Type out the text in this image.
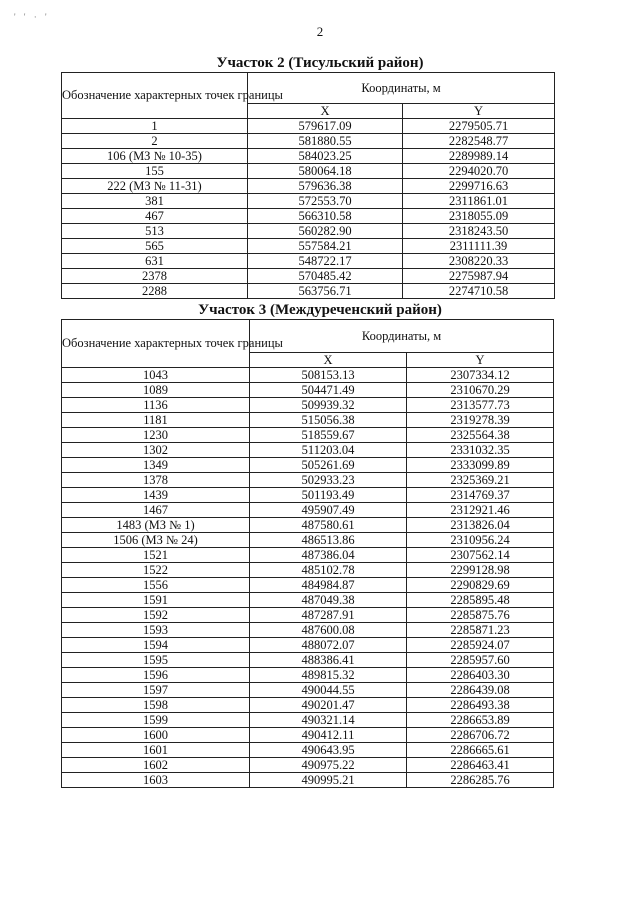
' ' · '
2
Участок 2 (Тисульский район)
Обозначение характерных точек границы	Координаты, м	
	X	Y
1	579617.09	2279505.71
2	581880.55	2282548.77
106 (МЗ № 10-35)	584023.25	2289989.14
155	580064.18	2294020.70
222 (МЗ № 11-31)	579636.38	2299716.63
381	572553.70	2311861.01
467	566310.58	2318055.09
513	560282.90	2318243.50
565	557584.21	2311111.39
631	548722.17	2308220.33
2378	570485.42	2275987.94
2288	563756.71	2274710.58
Участок 3 (Междуреченский район)
Обозначение характерных точек границы	Координаты, м	
	X	Y
1043	508153.13	2307334.12
1089	504471.49	2310670.29
1136	509939.32	2313577.73
1181	515056.38	2319278.39
1230	518559.67	2325564.38
1302	511203.04	2331032.35
1349	505261.69	2333099.89
1378	502933.23	2325369.21
1439	501193.49	2314769.37
1467	495907.49	2312921.46
1483 (МЗ № 1)	487580.61	2313826.04
1506 (МЗ № 24)	486513.86	2310956.24
1521	487386.04	2307562.14
1522	485102.78	2299128.98
1556	484984.87	2290829.69
1591	487049.38	2285895.48
1592	487287.91	2285875.76
1593	487600.08	2285871.23
1594	488072.07	2285924.07
1595	488386.41	2285957.60
1596	489815.32	2286403.30
1597	490044.55	2286439.08
1598	490201.47	2286493.38
1599	490321.14	2286653.89
1600	490412.11	2286706.72
1601	490643.95	2286665.61
1602	490975.22	2286463.41
1603	490995.21	2286285.76
